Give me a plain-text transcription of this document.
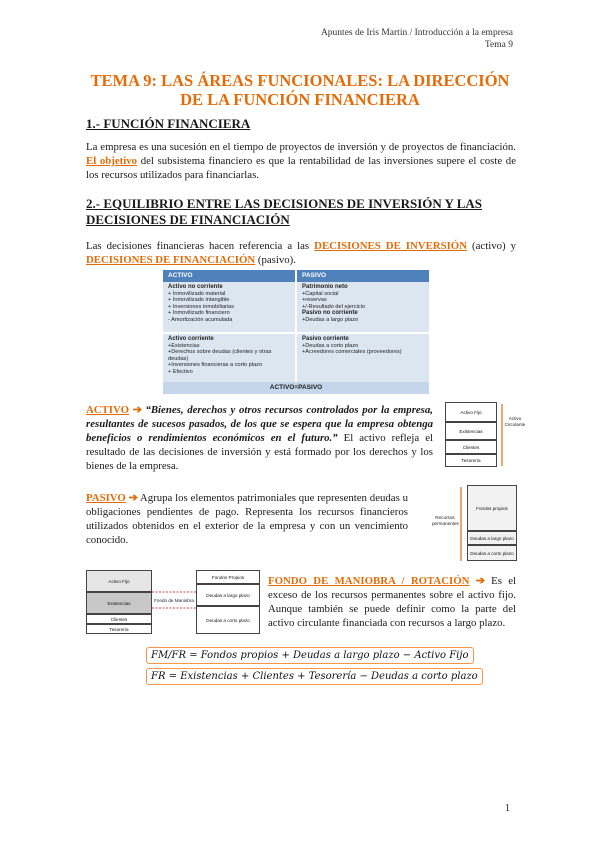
Apuntes de Iris Martín / Introducción a la empresa
Tema 9
TEMA 9: LAS ÁREAS FUNCIONALES: LA DIRECCIÓN
DE LA FUNCIÓN FINANCIERA
1.- FUNCIÓN FINANCIERA
La empresa es una sucesión en el tiempo de proyectos de inversión y de proyectos de financiación. El objetivo del subsistema financiero es que la rentabilidad de las inversiones supere el coste de los recursos utilizados para financiarlas.
2.- EQUILIBRIO ENTRE LAS DECISIONES DE INVERSIÓN Y LAS
DECISIONES DE FINANCIACIÓN
Las decisiones financieras hacen referencia a las DECISIONES DE INVERSIÓN (activo) y DECISIONES DE FINANCIACIÓN (pasivo).
ACTIVO	PASIVO
Activo no corriente
+ Inmovilizado material
+ Inmovilizado intangible
+ Inversiones inmobiliarias
+ Inmovilizado financiero
- Amortización acumulada
Activo corriente
+Existencias
+Derechos sobre deudas (clientes y otras
deudas)
+Inversiones financieras a corto plazo
+ Efectivo
Patrimonio neto
+Capital social
+reservas
+/-Resultado del ejercicio
Pasivo no corriente
+Deudas a largo plazo
Pasivo corriente
+Deudas a corto plazo
+Acreedores comerciales (proveedores)
ACTIVO=PASIVO
ACTIVO ➔ “Bienes, derechos y otros recursos controlados por la empresa, resultantes de sucesos pasados, de los que se espera que la empresa obtenga beneficios o rendimientos económicos en el futuro.” El activo refleja el resultado de las decisiones de inversión y está formado por los derechos y los bienes de la empresa.
Activo Fijo
Existencias
Clientes
Tesorería
Activo Circulante
PASIVO ➔ Agrupa los elementos patrimoniales que representen deudas u obligaciones pendientes de pago. Representa los recursos financieros utilizados obtenidos en el exterior de la empresa y con un vencimiento conocido.
Recursos permanentes
Fondos propios
Deudas a largo plazo
Deudas a corto plazo
Activo Fijo
Existencias
Clientes
Tesorería
Fondos Propios
Deudas a largo plazo
Deudas a corto plazo
Fondo de Maniobra
FONDO DE MANIOBRA / ROTACIÓN ➔ Es el exceso de los recursos permanentes sobre el activo fijo. Aunque también se puede definir como la parte del activo circulante financiada con recursos a largo plazo.
FM/FR = Fondos propios + Deudas a largo plazo − Activo Fijo
FR = Existencias + Clientes + Tesorería − Deudas a corto plazo
1
